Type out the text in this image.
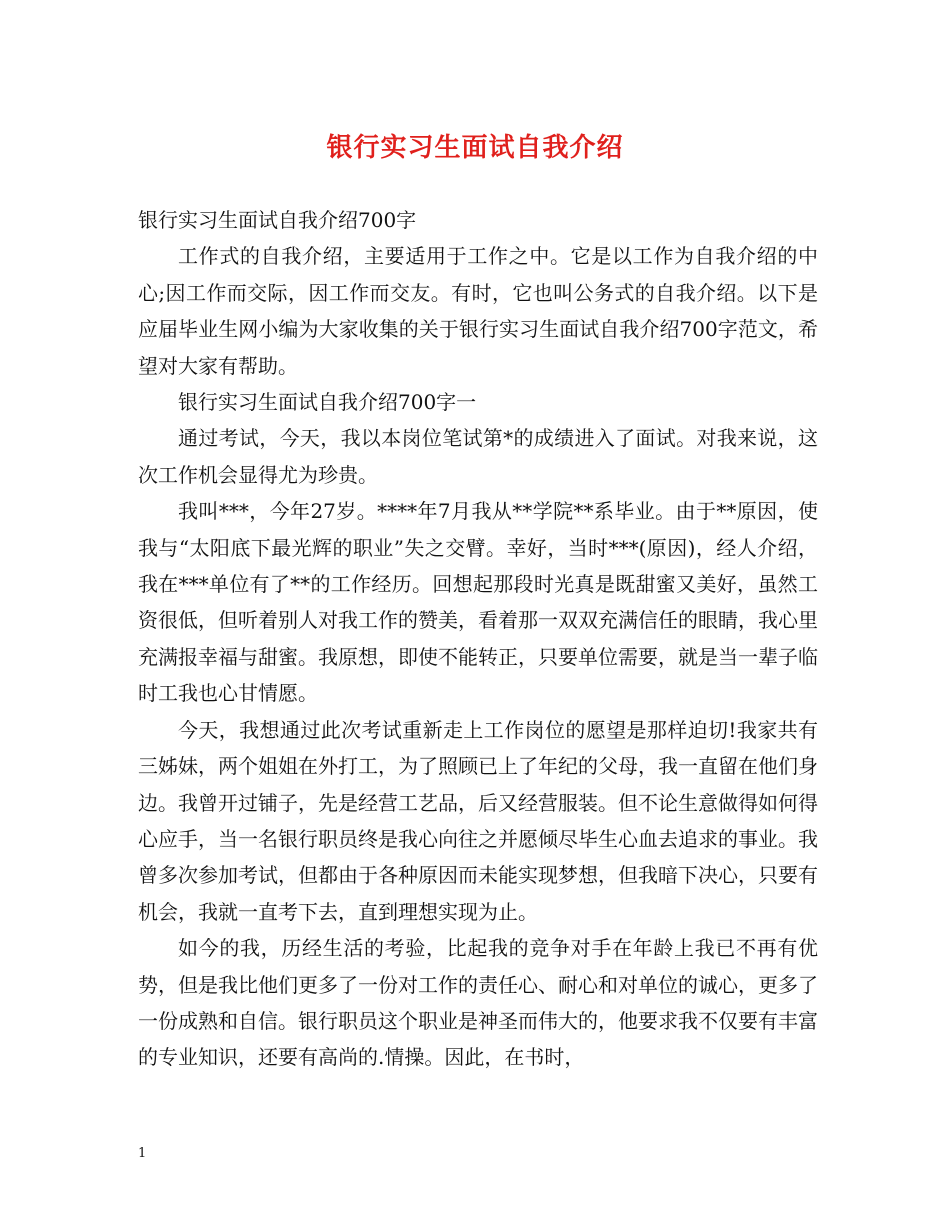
银行实习生面试自我介绍

银行实习生面试自我介绍700字

工作式的自我介绍，主要适用于工作之中。它是以工作为自我介绍的中心;因工作而交际，因工作而交友。有时，它也叫公务式的自我介绍。以下是应届毕业生网小编为大家收集的关于银行实习生面试自我介绍700字范文，希望对大家有帮助。

银行实习生面试自我介绍700字一

通过考试，今天，我以本岗位笔试第*的成绩进入了面试。对我来说，这次工作机会显得尤为珍贵。

我叫***，今年27岁。****年7月我从**学院**系毕业。由于**原因，使我与“太阳底下最光辉的职业”失之交臂。幸好，当时***(原因)，经人介绍，我在***单位有了**的工作经历。回想起那段时光真是既甜蜜又美好，虽然工资很低，但听着别人对我工作的赞美，看着那一双双充满信任的眼睛，我心里充满报幸福与甜蜜。我原想，即使不能转正，只要单位需要，就是当一辈子临时工我也心甘情愿。

今天，我想通过此次考试重新走上工作岗位的愿望是那样迫切!我家共有三姊妹，两个姐姐在外打工，为了照顾已上了年纪的父母，我一直留在他们身边。我曾开过铺子，先是经营工艺品，后又经营服装。但不论生意做得如何得心应手，当一名银行职员终是我心向往之并愿倾尽毕生心血去追求的事业。我曾多次参加考试，但都由于各种原因而未能实现梦想，但我暗下决心，只要有机会，我就一直考下去，直到理想实现为止。

如今的我，历经生活的考验，比起我的竞争对手在年龄上我已不再有优势，但是我比他们更多了一份对工作的责任心、耐心和对单位的诚心，更多了一份成熟和自信。银行职员这个职业是神圣而伟大的，他要求我不仅要有丰富的专业知识，还要有高尚的.情操。因此，在书时，

1
